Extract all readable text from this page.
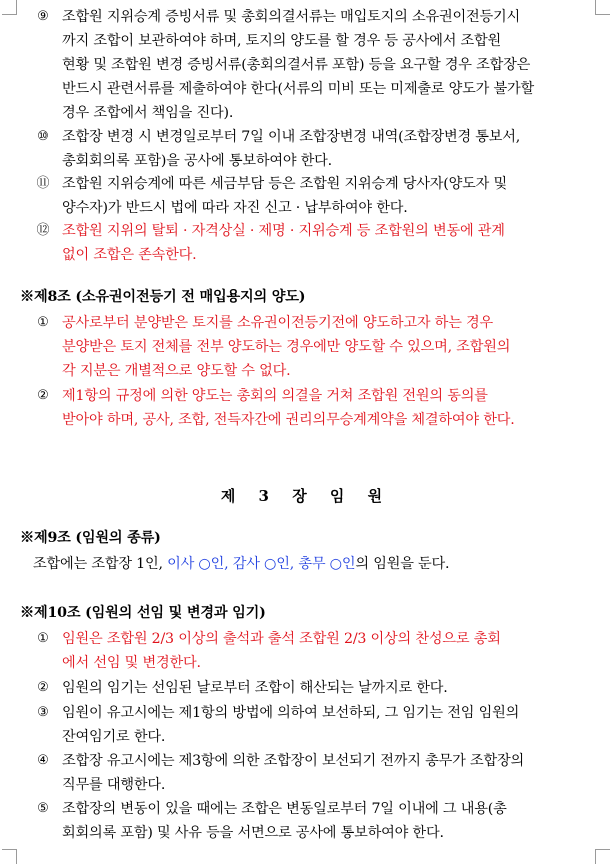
⑨ 조합원 지위승계 증빙서류 및 총회의결서류는 매입토지의 소유권이전등기시
까지 조합이 보관하여야 하며, 토지의 양도를 할 경우 등 공사에서 조합원
현황 및 조합원 변경 증빙서류(총회의결서류 포함) 등을 요구할 경우 조합장은
반드시 관련서류를 제출하여야 한다(서류의 미비 또는 미제출로 양도가 불가할
경우 조합에서 책임을 진다).
⑩ 조합장 변경 시 변경일로부터 7일 이내 조합장변경 내역(조합장변경 통보서,
총회회의록 포함)을 공사에 통보하여야 한다.
⑪ 조합원 지위승계에 따른 세금부담 등은 조합원 지위승계 당사자(양도자 및
양수자)가 반드시 법에 따라 자진 신고 · 납부하여야 한다.
⑫ 조합원 지위의 탈퇴 · 자격상실 · 제명 · 지위승계 등 조합원의 변동에 관계
없이 조합은 존속한다.
※제8조 (소유권이전등기 전 매입용지의 양도)
① 공사로부터 분양받은 토지를 소유권이전등기전에 양도하고자 하는 경우
분양받은 토지 전체를 전부 양도하는 경우에만 양도할 수 있으며, 조합원의
각 지분은 개별적으로 양도할 수 없다.
② 제1항의 규정에 의한 양도는 총회의 의결을 거쳐 조합원 전원의 동의를
받아야 하며, 공사, 조합, 전득자간에 권리의무승계계약을 체결하여야 한다.
제 3 장 임 원
※제9조 (임원의 종류)
조합에는 조합장 1인, 이사 ○인, 감사 ○인, 총무 ○인의 임원을 둔다.
※제10조 (임원의 선임 및 변경과 임기)
① 임원은 조합원 2/3 이상의 출석과 출석 조합원 2/3 이상의 찬성으로 총회
에서 선임 및 변경한다.
② 임원의 임기는 선임된 날로부터 조합이 해산되는 날까지로 한다.
③ 임원이 유고시에는 제1항의 방법에 의하여 보선하되, 그 임기는 전임 임원의
잔여임기로 한다.
④ 조합장 유고시에는 제3항에 의한 조합장이 보선되기 전까지 총무가 조합장의
직무를 대행한다.
⑤ 조합장의 변동이 있을 때에는 조합은 변동일로부터 7일 이내에 그 내용(총
회회의록 포함) 및 사유 등을 서면으로 공사에 통보하여야 한다.
